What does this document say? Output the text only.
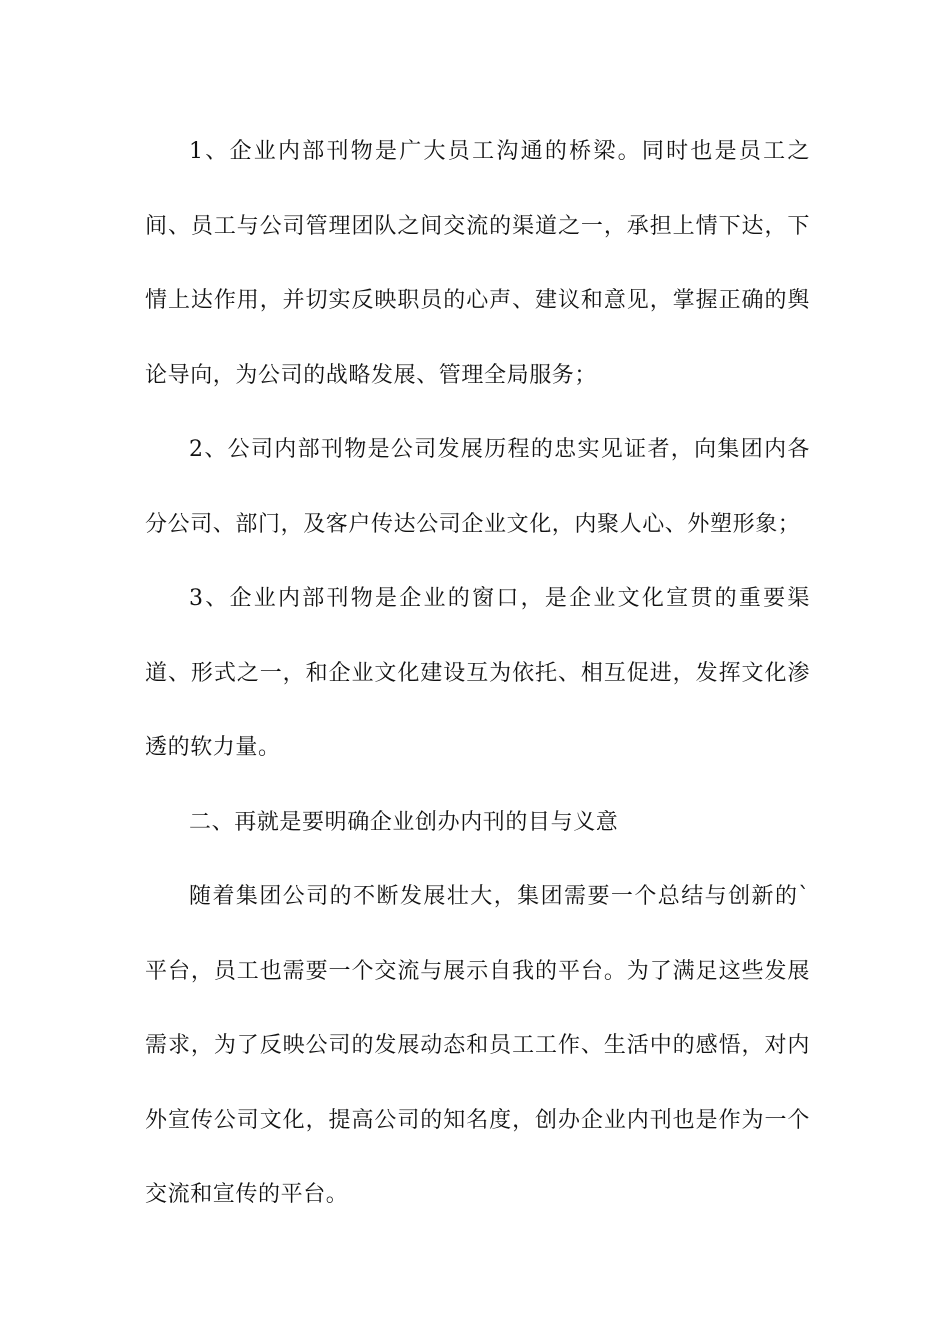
1、企业内部刊物是广大员工沟通的桥梁。同时也是员工之间、员工与公司管理团队之间交流的渠道之一，承担上情下达，下情上达作用，并切实反映职员的心声、建议和意见，掌握正确的舆论导向，为公司的战略发展、管理全局服务；

2、公司内部刊物是公司发展历程的忠实见证者，向集团内各分公司、部门，及客户传达公司企业文化，内聚人心、外塑形象；

3、企业内部刊物是企业的窗口，是企业文化宣贯的重要渠道、形式之一，和企业文化建设互为依托、相互促进，发挥文化渗透的软力量。

二、再就是要明确企业创办内刊的目与义意

随着集团公司的不断发展壮大，集团需要一个总结与创新的`平台，员工也需要一个交流与展示自我的平台。为了满足这些发展需求，为了反映公司的发展动态和员工工作、生活中的感悟，对内外宣传公司文化，提高公司的知名度，创办企业内刊也是作为一个交流和宣传的平台。
